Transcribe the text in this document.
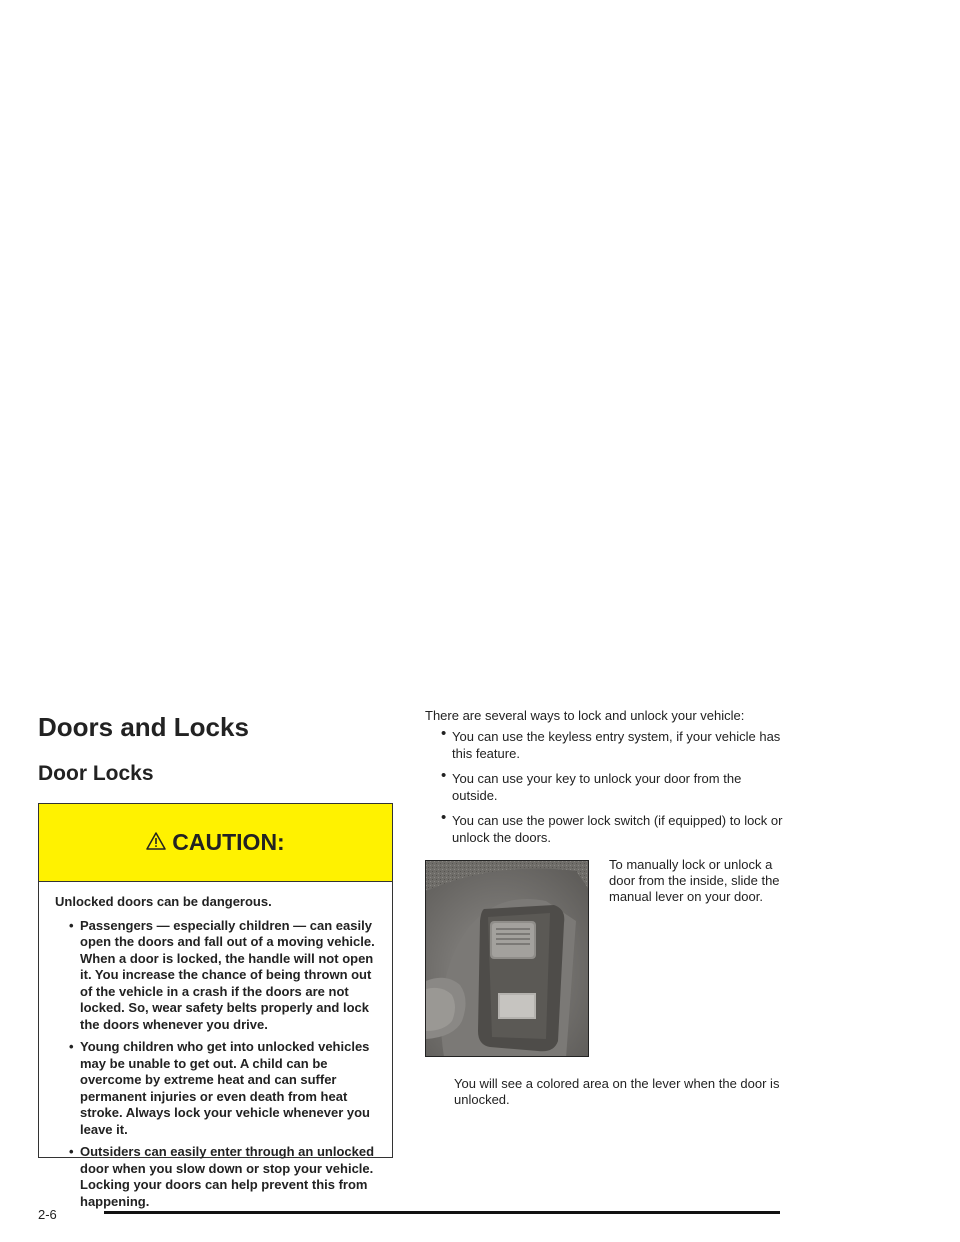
Doors and Locks
Door Locks
CAUTION:

Unlocked doors can be dangerous.

• Passengers — especially children — can easily open the doors and fall out of a moving vehicle. When a door is locked, the handle will not open it. You increase the chance of being thrown out of the vehicle in a crash if the doors are not locked. So, wear safety belts properly and lock the doors whenever you drive.
• Young children who get into unlocked vehicles may be unable to get out. A child can be overcome by extreme heat and can suffer permanent injuries or even death from heat stroke. Always lock your vehicle whenever you leave it.
• Outsiders can easily enter through an unlocked door when you slow down or stop your vehicle. Locking your doors can help prevent this from happening.
There are several ways to lock and unlock your vehicle:
• You can use the keyless entry system, if your vehicle has this feature.
• You can use your key to unlock your door from the outside.
• You can use the power lock switch (if equipped) to lock or unlock the doors.
To manually lock or unlock a door from the inside, slide the manual lever on your door.
You will see a colored area on the lever when the door is unlocked.
2-6
